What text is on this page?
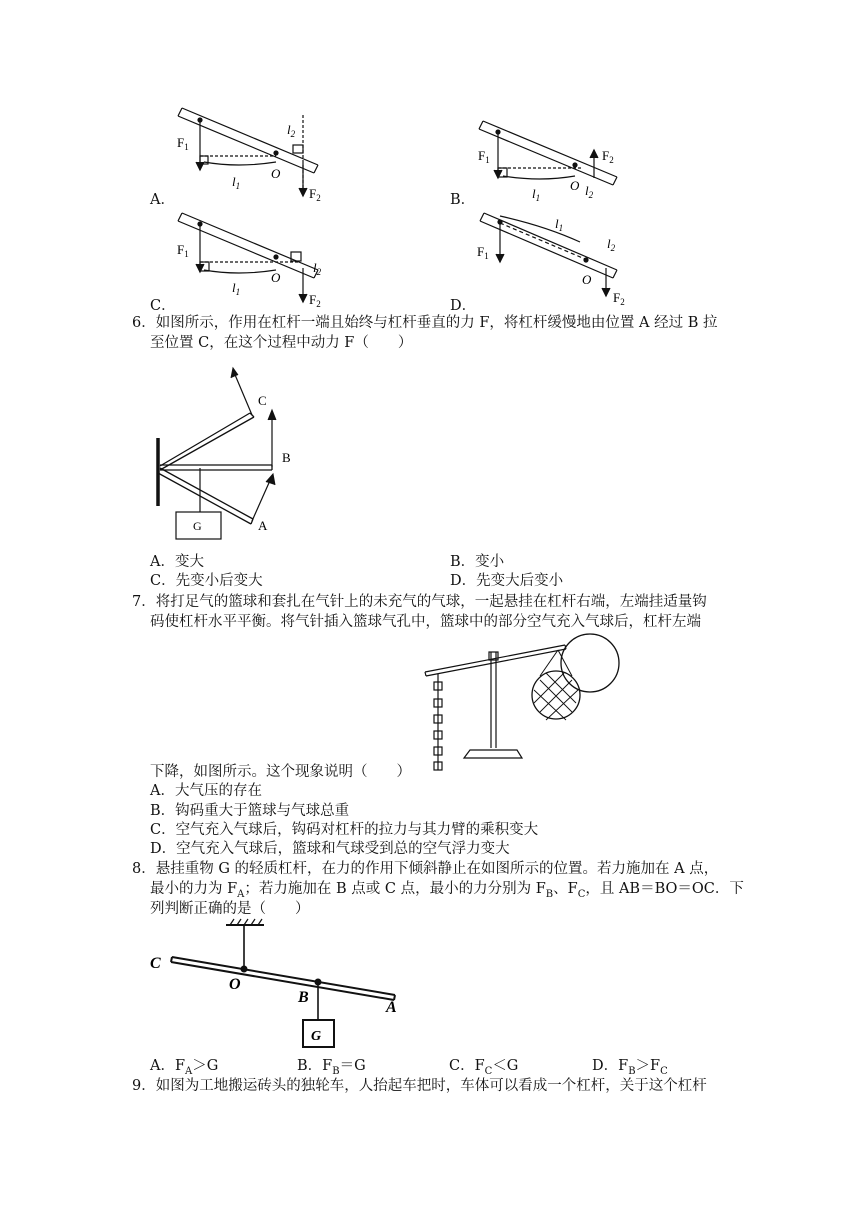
$F_1$
$l_1$
O
$l_2$
$F_2$
$F_1$
$l_1$
O $l_2$
$F_2$
$F_1$
$l_1$
O
$l_2$
$F_2$
$F_1$
$l_1$
O
$l_2$
$F_2$
A．	B．
C．	D．
6．如图所示，作用在杠杆一端且始终与杠杆垂直的力 F，将杠杆缓慢地由位置 A 经过 B 拉
至位置 C，在这个过程中动力 F（　　）
C
B
A
G
A．变大	B．变小
C．先变小后变大	D．先变大后变小
7．将打足气的篮球和套扎在气针上的未充气的气球，一起悬挂在杠杆右端，左端挂适量钩
码使杠杆水平平衡。将气针插入篮球气孔中，篮球中的部分空气充入气球后，杠杆左端
下降，如图所示。这个现象说明（　　）
A．大气压的存在
B．钩码重大于篮球与气球总重
C．空气充入气球后，钩码对杠杆的拉力与其力臂的乘积变大
D．空气充入气球后，篮球和气球受到总的空气浮力变大
8．悬挂重物 G 的轻质杠杆，在力的作用下倾斜静止在如图所示的位置。若力施加在 A 点，
最小的力为 $F_A$；若力施加在 B 点或 C 点，最小的力分别为 $F_B$、$F_C$，且 AB＝BO＝OC．下
列判断正确的是（　　）
C
O
B
A
G
A．$F_A>G$	B．$F_B=G$	C．$F_C<G$	D．$F_B>F_C$
9．如图为工地搬运砖头的独轮车，人抬起车把时，车体可以看成一个杠杆，关于这个杠杆
